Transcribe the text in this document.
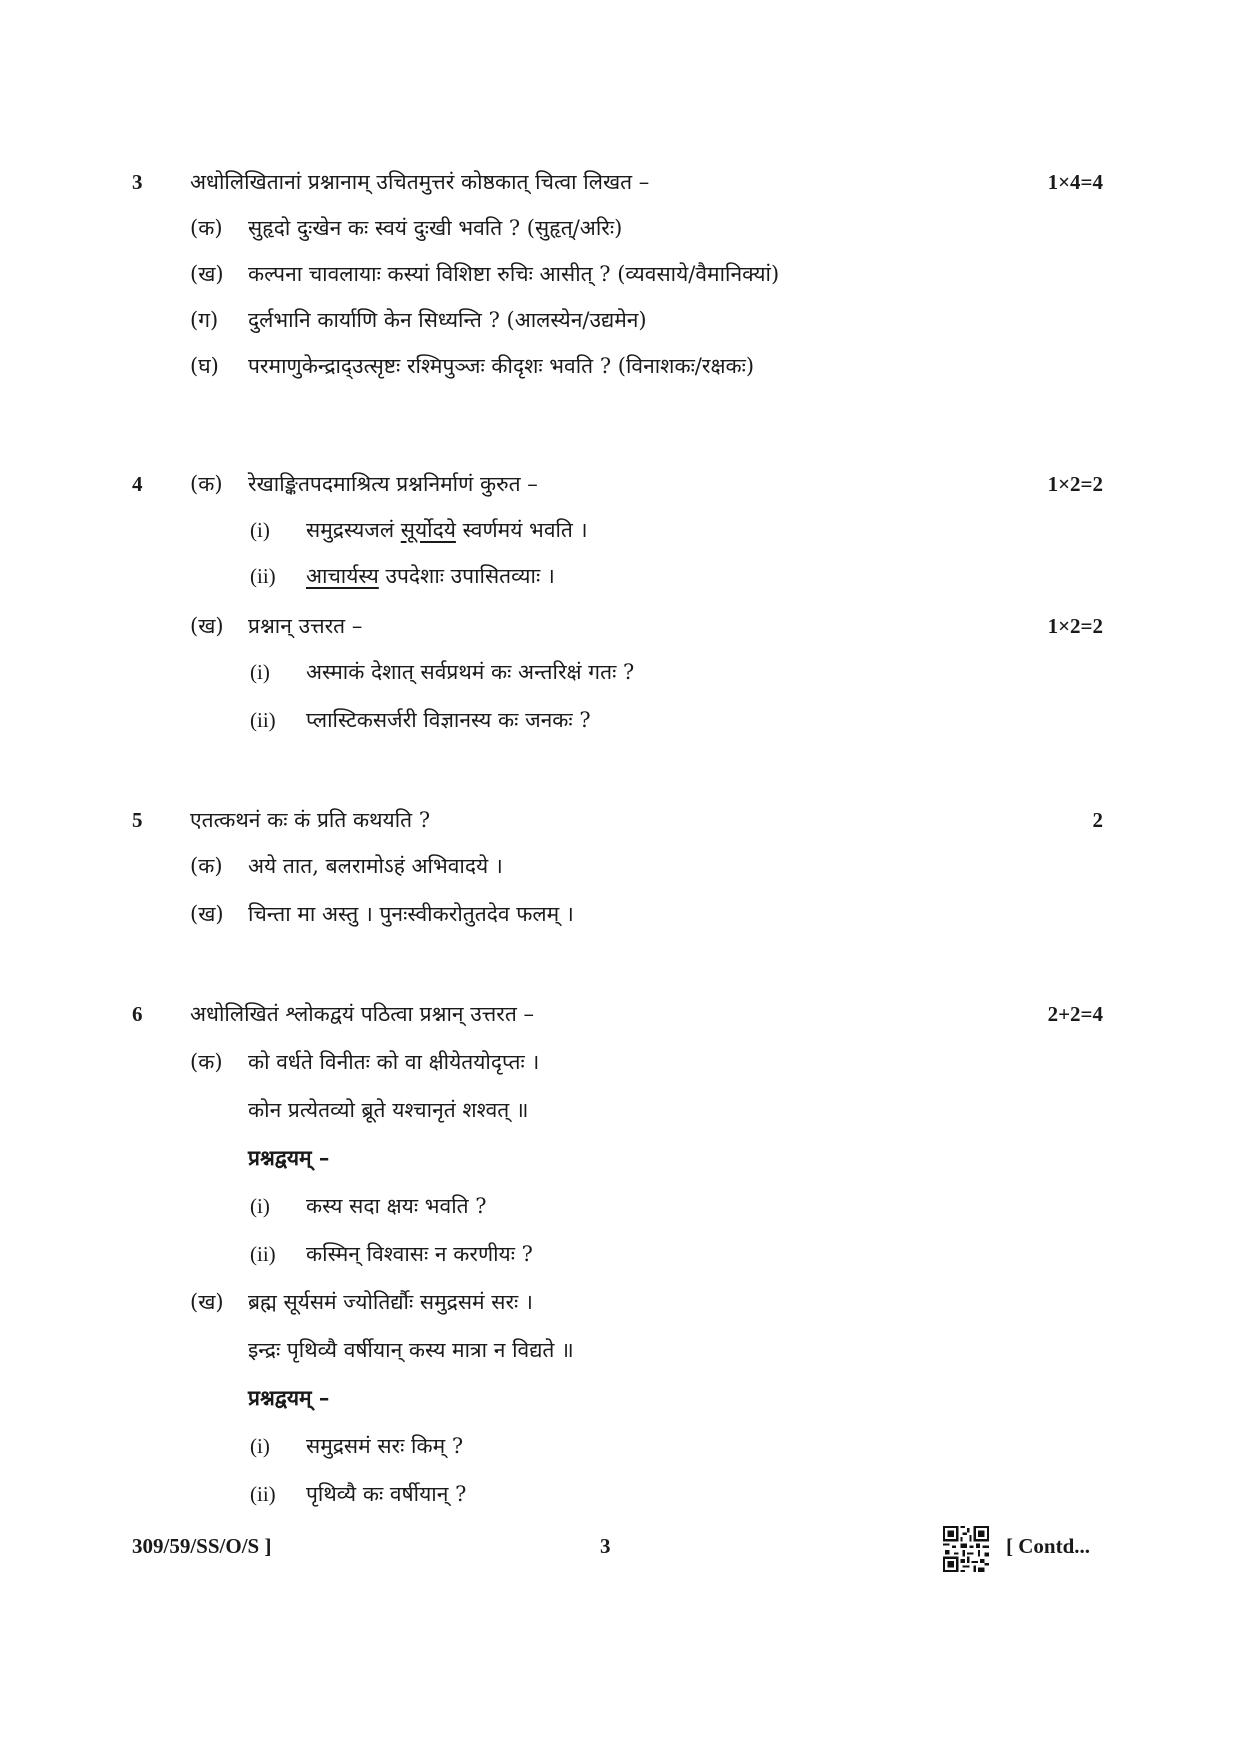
3 अधोलिखितानां प्रश्नानाम् उचितमुत्तरं कोष्ठकात् चित्वा लिखत –	1×4=4
(क) सुहृदो दुःखेन कः स्वयं दुःखी भवति ? (सुहृत्/अरिः)
(ख) कल्पना चावलायाः कस्यां विशिष्टा रुचिः आसीत् ? (व्यवसाये/वैमानिक्यां)
(ग) दुर्लभानि कार्याणि केन सिध्यन्ति ? (आलस्येन/उद्यमेन)
(घ) परमाणुकेन्द्राद्उत्सृष्टः रश्मिपुञ्जः कीदृशः भवति ? (विनाशकः/रक्षकः)
4 (क) रेखाङ्कितपदमाश्रित्य प्रश्ननिर्माणं कुरुत –	1×2=2
(i) समुद्रस्यजलं सूर्योदये स्वर्णमयं भवति ।
(ii) आचार्यस्य उपदेशाः उपासितव्याः ।
(ख) प्रश्नान् उत्तरत –	1×2=2
(i) अस्माकं देशात् सर्वप्रथमं कः अन्तरिक्षं गतः ?
(ii) प्लास्टिकसर्जरी विज्ञानस्य कः जनकः ?
5 एतत्कथनं कः कं प्रति कथयति ?	2
(क) अये तात, बलरामोऽहं अभिवादये ।
(ख) चिन्ता मा अस्तु । पुनःस्वीकरोतुतदेव फलम् ।
6 अधोलिखितं श्लोकद्वयं पठित्वा प्रश्नान् उत्तरत –	2+2=4
(क) को वर्धते विनीतः को वा क्षीयेतयोदृप्तः ।
कोन प्रत्येतव्यो ब्रूते यश्चानृतं शश्वत् ॥
प्रश्नद्वयम् –
(i) कस्य सदा क्षयः भवति ?
(ii) कस्मिन् विश्वासः न करणीयः ?
(ख) ब्रह्म सूर्यसमं ज्योतिर्द्यौः समुद्रसमं सरः ।
इन्द्रः पृथिव्यै वर्षीयान् कस्य मात्रा न विद्यते ॥
प्रश्नद्वयम् –
(i) समुद्रसमं सरः किम् ?
(ii) पृथिव्यै कः वर्षीयान् ?
309/59/SS/O/S ]	3	[ Contd...
